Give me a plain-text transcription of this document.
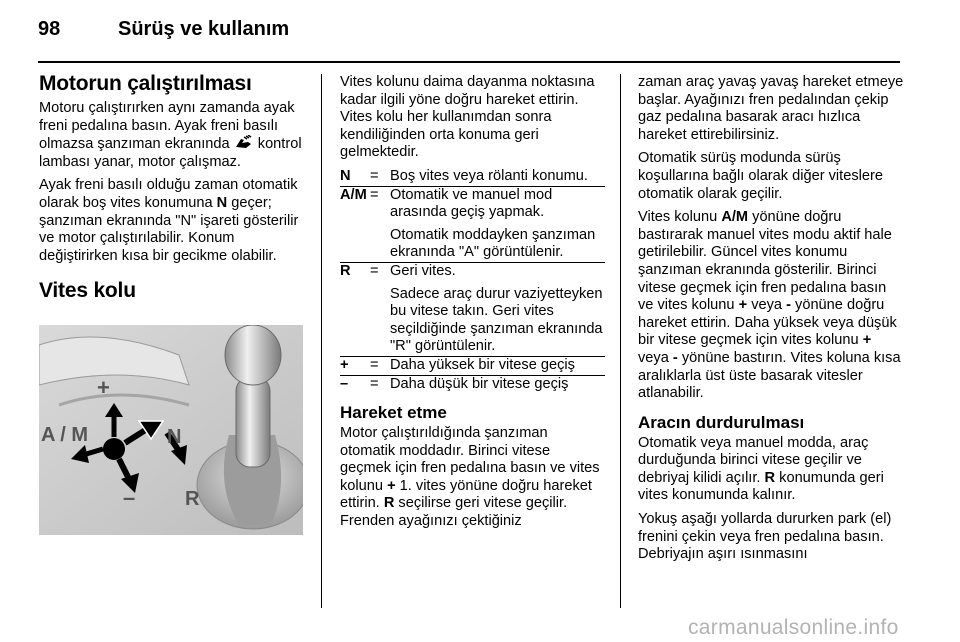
98	Sürüş ve kullanım
Motorun çalıştırılması

Motoru çalıştırırken aynı zamanda ayak freni pedalına basın. Ayak freni basılı olmazsa şanzıman ekranında kontrol lambası yanar, motor çalışmaz.

Ayak freni basılı olduğu zaman otomatik olarak boş vites konumuna N geçer; şanzıman ekranında "N" işareti gösterilir ve motor çalıştırılabilir. Konum değiştirirken kısa bir gecikme olabilir.

Vites kolu
+
A / M	N
– R

Vites kolunu daima dayanma noktasına kadar ilgili yöne doğru hareket ettirin. Vites kolu her kullanımdan sonra kendiliğinden orta konuma geri gelmektedir.

N	= Boş vites veya rölanti konumu.

A/M = Otomatik ve manuel mod arasında geçiş yapmak.

Otomatik moddayken şanzıman ekranında "A" görüntülenir.

R	= Geri vites.

Sadece araç durur vaziyetteyken bu vitese takın. Geri vites seçildiğinde şanzıman ekranında "R" görüntülenir.

+	= Daha yüksek bir vitese geçiş

–	= Daha düşük bir vitese geçiş

Hareket etme

Motor çalıştırıldığında şanzıman otomatik moddadır. Birinci vitese geçmek için fren pedalına basın ve vites kolunu + 1. vites yönüne doğru hareket ettirin. R seçilirse geri vitese geçilir. Frenden ayağınızı çektiğiniz

zaman araç yavaş yavaş hareket etmeye başlar. Ayağınızı fren pedalından çekip gaz pedalına basarak aracı hızlıca hareket ettirebilirsiniz.

Otomatik sürüş modunda sürüş koşullarına bağlı olarak diğer viteslere otomatik olarak geçilir.

Vites kolunu A/M yönüne doğru bastırarak manuel vites modu aktif hale getirilebilir. Güncel vites konumu şanzıman ekranında gösterilir. Birinci vitese geçmek için fren pedalına basın ve vites kolunu + veya - yönüne doğru hareket ettirin. Daha yüksek veya düşük bir vitese geçmek için vites kolunu + veya - yönüne bastırın. Vites koluna kısa aralıklarla üst üste basarak vitesler atlanabilir.

Aracın durdurulması

Otomatik veya manuel modda, araç durduğunda birinci vitese geçilir ve debriyaj kilidi açılır. R konumunda geri vites konumunda kalınır.

Yokuş aşağı yollarda dururken park (el) frenini çekin veya fren pedalına basın. Debriyajın aşırı ısınmasını

carmanualsonline.info
